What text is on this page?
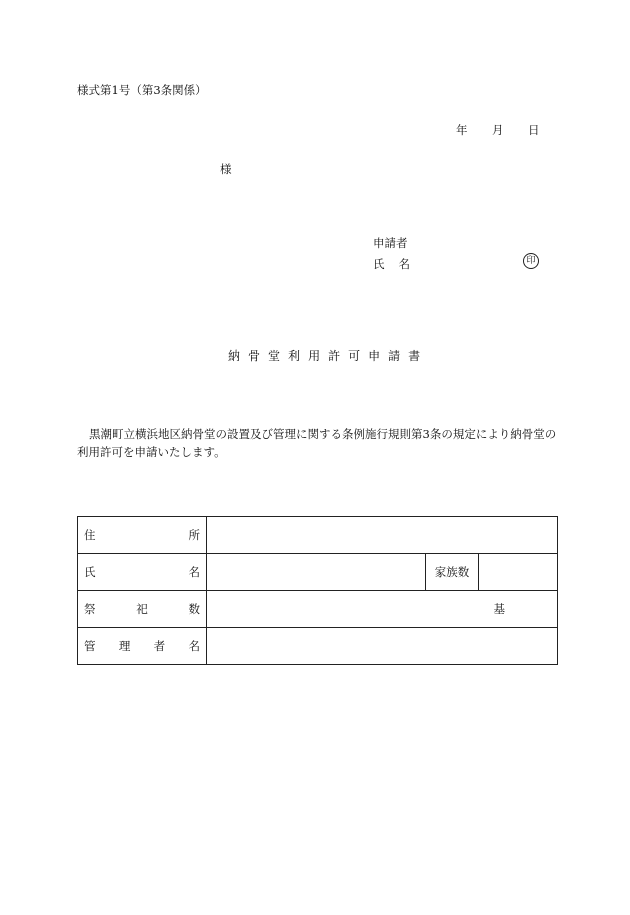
様式第1号（第3条関係）
年 月 日
様
申請者
氏 名	印
納骨堂利用許可申請書
黒潮町立横浜地区納骨堂の設置及び管理に関する条例施行規則第3条の規定により納骨堂の利用許可を申請いたします。
住 所			

氏 名		家族数	

祭 祀 数	基		

管 理 者 名			
